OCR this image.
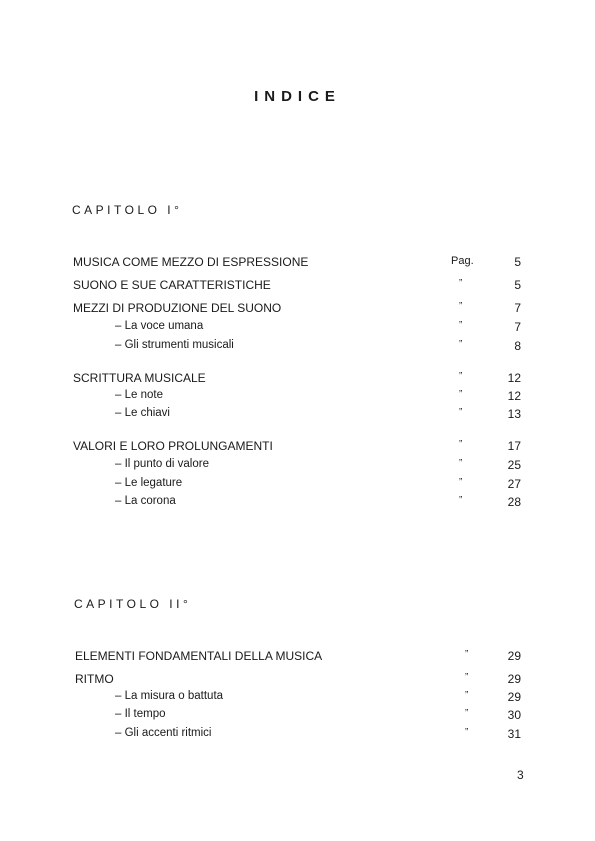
INDICE
CAPITOLO I°
MUSICA COME MEZZO DI ESPRESSIONE	Pag.	5
SUONO E SUE CARATTERISTICHE	”	5
MEZZI DI PRODUZIONE DEL SUONO	”	7
– La voce umana	”	7
– Gli strumenti musicali	”	8
SCRITTURA MUSICALE	”	12
– Le note	”	12
– Le chiavi	”	13
VALORI E LORO PROLUNGAMENTI	”	17
– Il punto di valore	”	25
– Le legature	”	27
– La corona	”	28
CAPITOLO II°
ELEMENTI FONDAMENTALI DELLA MUSICA	”	29
RITMO	”	29
– La misura o battuta	”	29
– Il tempo	”	30
– Gli accenti ritmici	”	31
3
